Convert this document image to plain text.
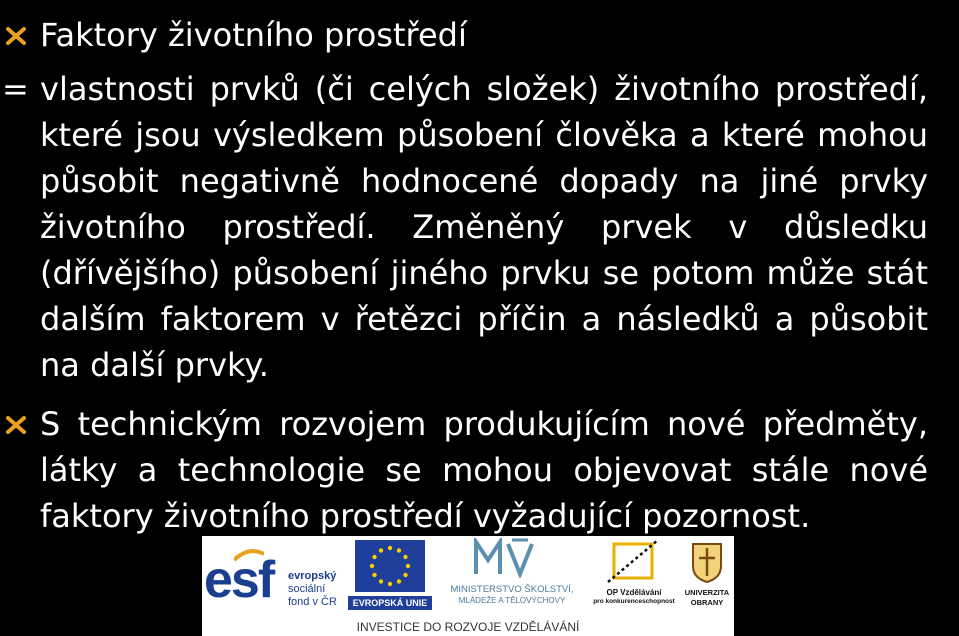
Faktory životního prostředí
= vlastnosti prvků (či celých složek) životního prostředí,
které jsou výsledkem působení člověka a které mohou
působit negativně hodnocené dopady na jiné prvky
životního prostředí. Změněný prvek v důsledku
(dřívějšího) působení jiného prvku se potom může stát
dalším faktorem v řetězci příčin a následků a působit
na další prvky.
S technickým rozvojem produkujícím nové předměty,
látky a technologie se mohou objevovat stále nové
faktory životního prostředí vyžadující pozornost.
esf evropský
sociální
fond v ČR	EVROPSKÁ UNIE
MINISTERSTVO ŠKOLSTVÍ,
MLÁDEŽE A TĚLOVÝCHOVY
OP Vzdělávání
pro konkurenceschopnost
UNIVERZITA
OBRANY
INVESTICE DO ROZVOJE VZDĚLÁVÁNÍ
